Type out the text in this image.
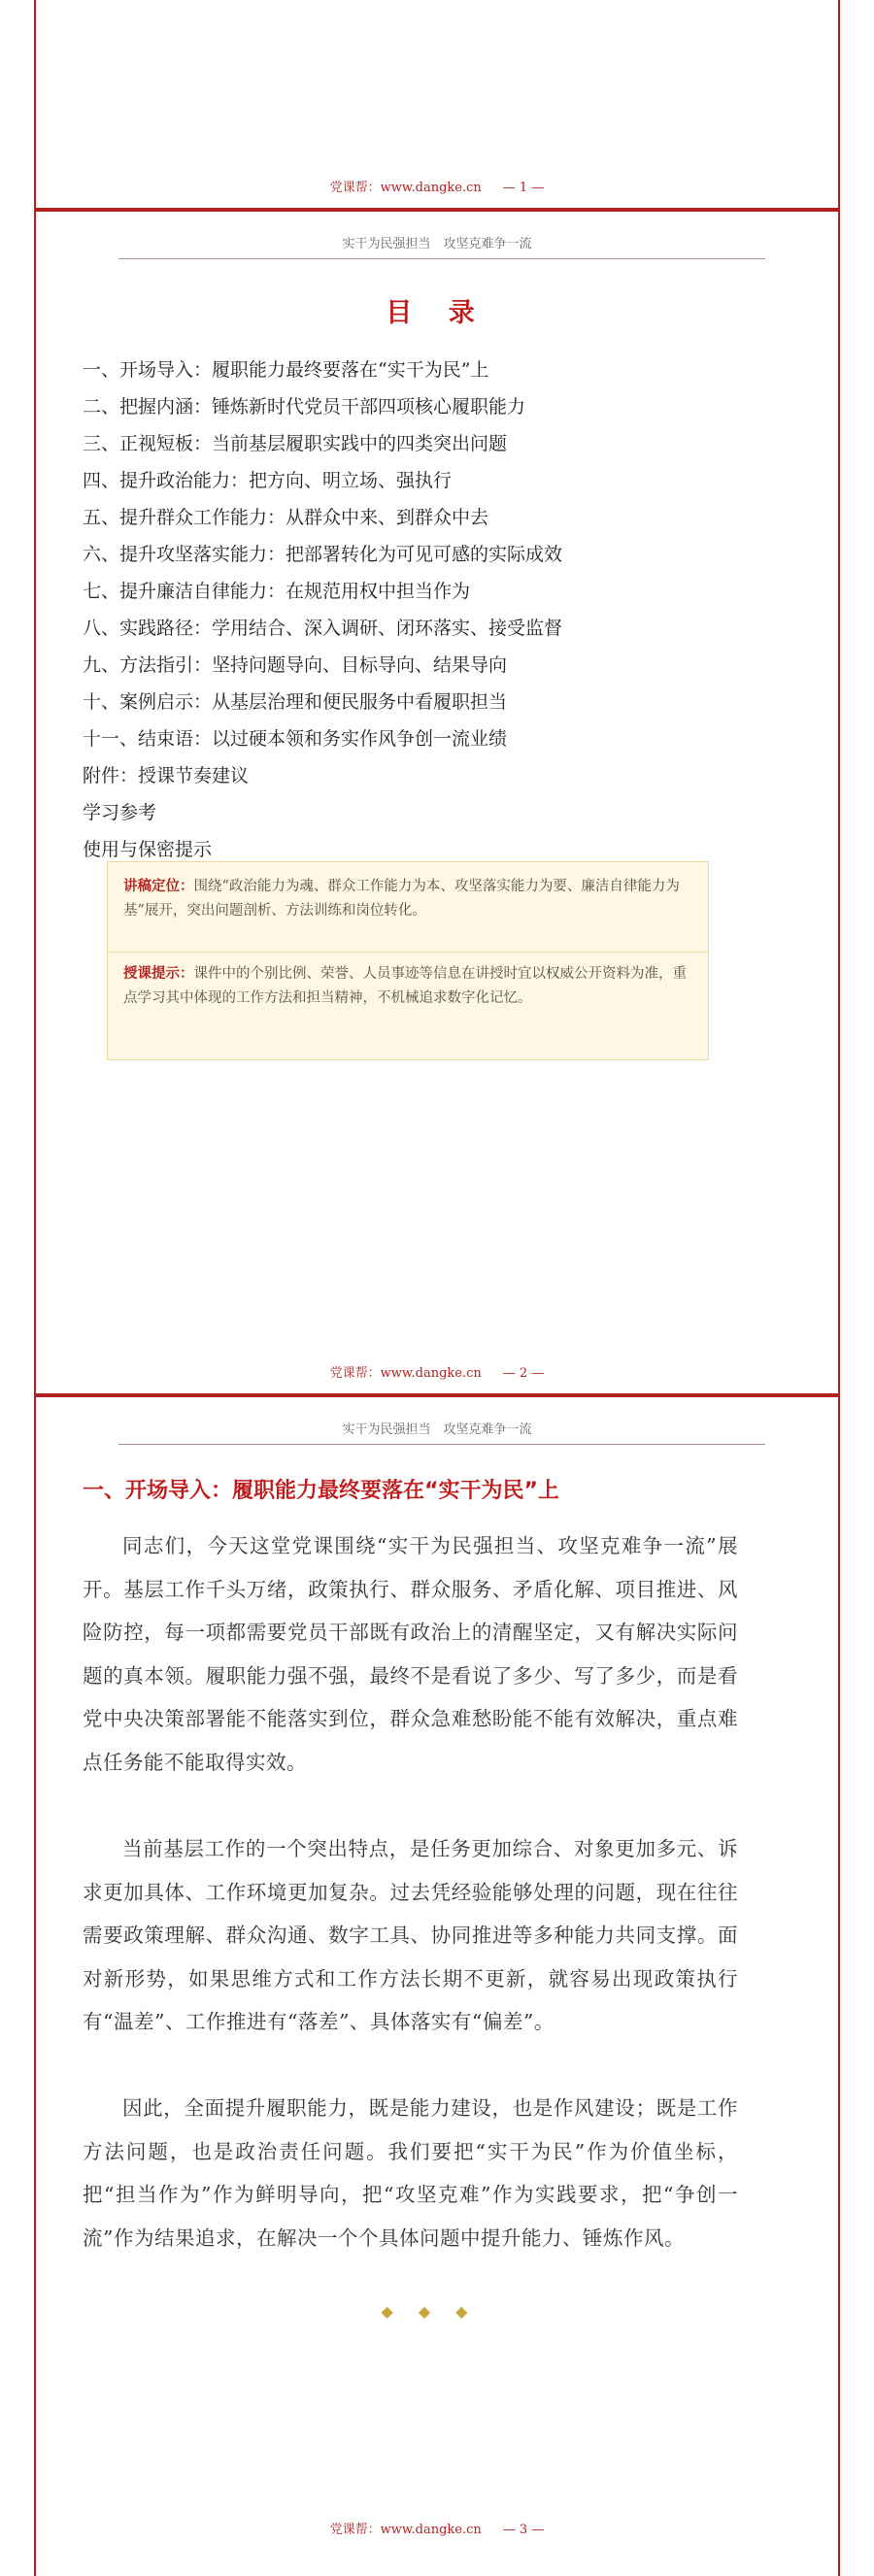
党课帮：www.dangke.cn — 1 —
实干为民强担当　攻坚克难争一流
党课帮：www.dangke.cn — 2 —
目 录
一、开场导入：履职能力最终要落在“实干为民”上
二、把握内涵：锤炼新时代党员干部四项核心履职能力
三、正视短板：当前基层履职实践中的四类突出问题
四、提升政治能力：把方向、明立场、强执行
五、提升群众工作能力：从群众中来、到群众中去
六、提升攻坚落实能力：把部署转化为可见可感的实际成效
七、提升廉洁自律能力：在规范用权中担当作为
八、实践路径：学用结合、深入调研、闭环落实、接受监督
九、方法指引：坚持问题导向、目标导向、结果导向
十、案例启示：从基层治理和便民服务中看履职担当
十一、结束语：以过硬本领和务实作风争创一流业绩
附件：授课节奏建议
学习参考
使用与保密提示
讲稿定位：围绕“政治能力为魂、群众工作能力为本、攻坚落实能力为要、廉洁自律能力为基”展开，突出问题剖析、方法训练和岗位转化。
授课提示：课件中的个别比例、荣誉、人员事迹等信息在讲授时宜以权威公开资料为准，重点学习其中体现的工作方法和担当精神，不机械追求数字化记忆。
实干为民强担当　攻坚克难争一流
党课帮：www.dangke.cn — 3 —
一、开场导入：履职能力最终要落在“实干为民”上

同志们，今天这堂党课围绕“实干为民强担当、攻坚克难争一流”展开。基层工作千头万绪，政策执行、群众服务、矛盾化解、项目推进、风险防控，每一项都需要党员干部既有政治上的清醒坚定，又有解决实际问题的真本领。履职能力强不强，最终不是看说了多少、写了多少，而是看党中央决策部署能不能落实到位，群众急难愁盼能不能有效解决，重点难点任务能不能取得实效。

当前基层工作的一个突出特点，是任务更加综合、对象更加多元、诉求更加具体、工作环境更加复杂。过去凭经验能够处理的问题，现在往往需要政策理解、群众沟通、数字工具、协同推进等多种能力共同支撑。面对新形势，如果思维方式和工作方法长期不更新，就容易出现政策执行有“温差”、工作推进有“落差”、具体落实有“偏差”。

因此，全面提升履职能力，既是能力建设，也是作风建设；既是工作方法问题，也是政治责任问题。我们要把“实干为民”作为价值坐标，把“担当作为”作为鲜明导向，把“攻坚克难”作为实践要求，把“争创一流”作为结果追求，在解决一个个具体问题中提升能力、锤炼作风。

◆◆◆
